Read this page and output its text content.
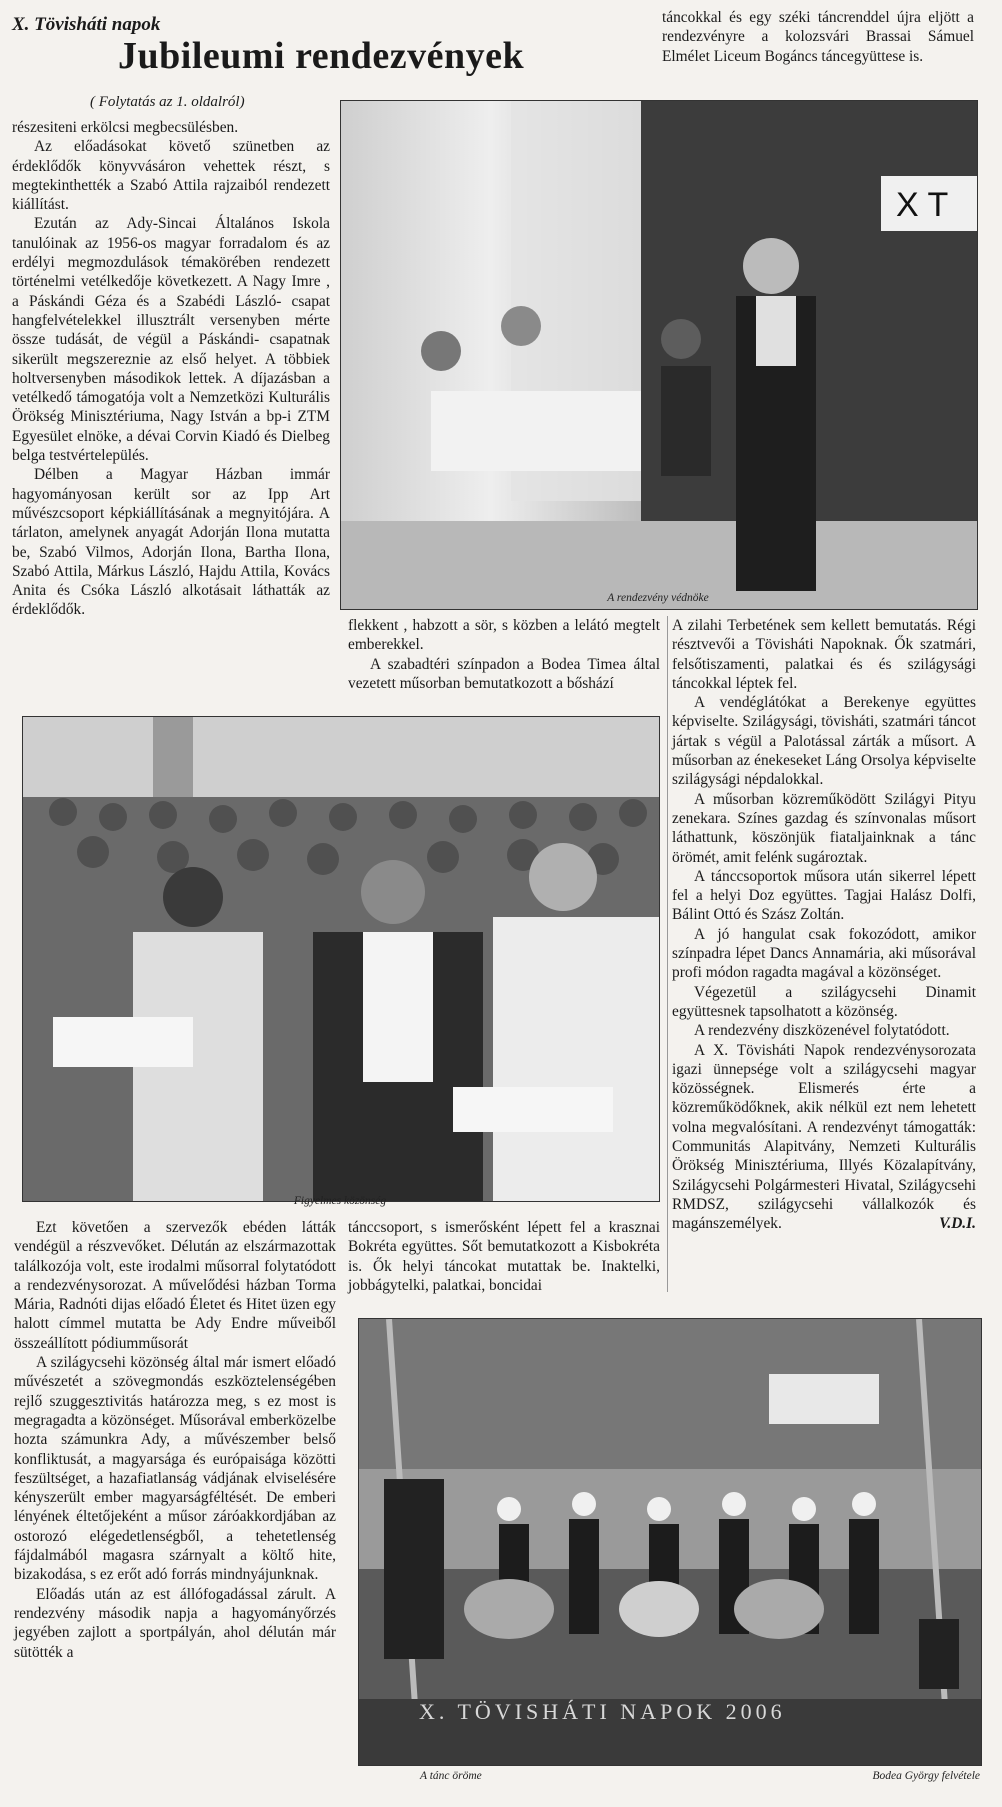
X. Tövisháti napok
Jubileumi rendezvények
( Folytatás az 1. oldalról)

táncokkal és egy széki táncrenddel újra eljött a rendezvényre a kolozsvári Brassai Sámuel Elmélet Liceum Bogáncs táncegyüttese is.

részesiteni erkölcsi megbecsülésben.

Az előadásokat követő szünetben az érdeklődők könyvvásáron vehettek részt, s megtekinthették a Szabó Attila rajzaiból rendezett kiállítást.

Ezután az Ady-Sincai Általános Iskola tanulóinak az 1956-os magyar forradalom és az erdélyi megmozdulások témakörében rendezett történelmi vetélkedője következett. A Nagy Imre , a Páskándi Géza és a Szabédi László- csapat hangfelvételekkel illusztrált versenyben mérte össze tudását, de végül a Páskándi- csapatnak sikerült megszereznie az első helyet. A többiek holtversenyben másodikok lettek. A díjazásban a vetélkedő támogatója volt a Nemzetközi Kulturális Örökség Minisztériuma, Nagy István a bp-i ZTM Egyesület elnöke, a dévai Corvin Kiadó és Dielbeg belga testvértelepülés.

Délben a Magyar Házban immár hagyományosan került sor az Ipp Art művészcsoport képkiállításának a megnyitójára. A tárlaton, amelynek anyagát Adorján Ilona mutatta be, Szabó Vilmos, Adorján Ilona, Bartha Ilona, Szabó Attila, Márkus László, Hajdu Attila, Kovács Anita és Csóka László alkotásait láthatták az érdeklődők.

X T
A rendezvény védnöke

flekkent , habzott a sör, s közben a lelátó megtelt emberekkel.

A szabadtéri színpadon a Bodea Timea által vezetett műsorban bemutatkozott a bőshází

A zilahi Terbetének sem kellett bemutatás. Régi résztvevői a Tövisháti Napoknak. Ők szatmári, felsőtiszamenti, palatkai és és szilágysági táncokkal léptek fel.

A vendéglátókat a Berekenye együttes képviselte. Szilágysági, tövisháti, szatmári táncot jártak s végül a Palotással zárták a műsort. A műsorban az énekeseket Láng Orsolya képviselte szilágysági népdalokkal.

A műsorban közreműködött Szilágyi Pityu zenekara. Színes gazdag és színvonalas műsort láthattunk, köszönjük fiataljainknak a tánc örömét, amit felénk sugároztak.

A tánccsoportok műsora után sikerrel lépett fel a helyi Doz együttes. Tagjai Halász Dolfi, Bálint Ottó és Szász Zoltán.

A jó hangulat csak fokozódott, amikor színpadra lépet Dancs Annamária, aki műsorával profi módon ragadta magával a közönséget.

Végezetül a szilágycsehi Dinamit együttesnek tapsolhatott a közönség.

A rendezvény diszközenével folytatódott.

A X. Tövisháti Napok rendezvénysorozata igazi ünnepsége volt a szilágycsehi magyar közösségnek. Elismerés érte a közreműködőknek, akik nélkül ezt nem lehetett volna megvalósítani. A rendezvényt támogatták: Communitás Alapitvány, Nemzeti Kulturális Örökség Minisztériuma, Illyés Közalapítvány, Szilágycsehi Polgármesteri Hivatal, Szilágycsehi RMDSZ, szilágycsehi vállalkozók és magánszemélyek.	V.D.I.

Figyelmes közönség

Ezt követően a szervezők ebéden látták vendégül a részvevőket. Délután az elszármazottak találkozója volt, este irodalmi műsorral folytatódott a rendezvénysorozat. A művelődési házban Torma Mária, Radnóti dijas előadó Életet és Hitet üzen egy halott címmel mutatta be Ady Endre műveiből összeállított pódiumműsorát

A szilágycsehi közönség által már ismert előadó művészetét a szövegmondás eszköztelenségében rejlő szuggesztivitás határozza meg, s ez most is megragadta a közönséget. Műsorával emberközelbe hozta számunkra Ady, a művészember belső konfliktusát, a magyarsága és európaisága közötti feszültséget, a hazafiatlanság vádjának elviselésére kényszerült ember magyarságféltését. De emberi lényének éltetőjeként a műsor záróakkordjában az ostorozó elégedetlenségből, a tehetetlenség fájdalmából magasra szárnyalt a költő hite, bizakodása, s ez erőt adó forrás mindnyájunknak.

Előadás után az est állófogadással zárult. A rendezvény második napja a hagyományőrzés jegyében zajlott a sportpályán, ahol délután már sütötték a

tánccsoport, s ismerősként lépett fel a krasznai Bokréta együttes. Sőt bemutatkozott a Kisbokréta is. Ők helyi táncokat mutattak be. Inaktelki, jobbágytelki, palatkai, boncidai

X. TÖVISHÁTI NAPOK 2006
A tánc öröme	Bodea György felvétele
